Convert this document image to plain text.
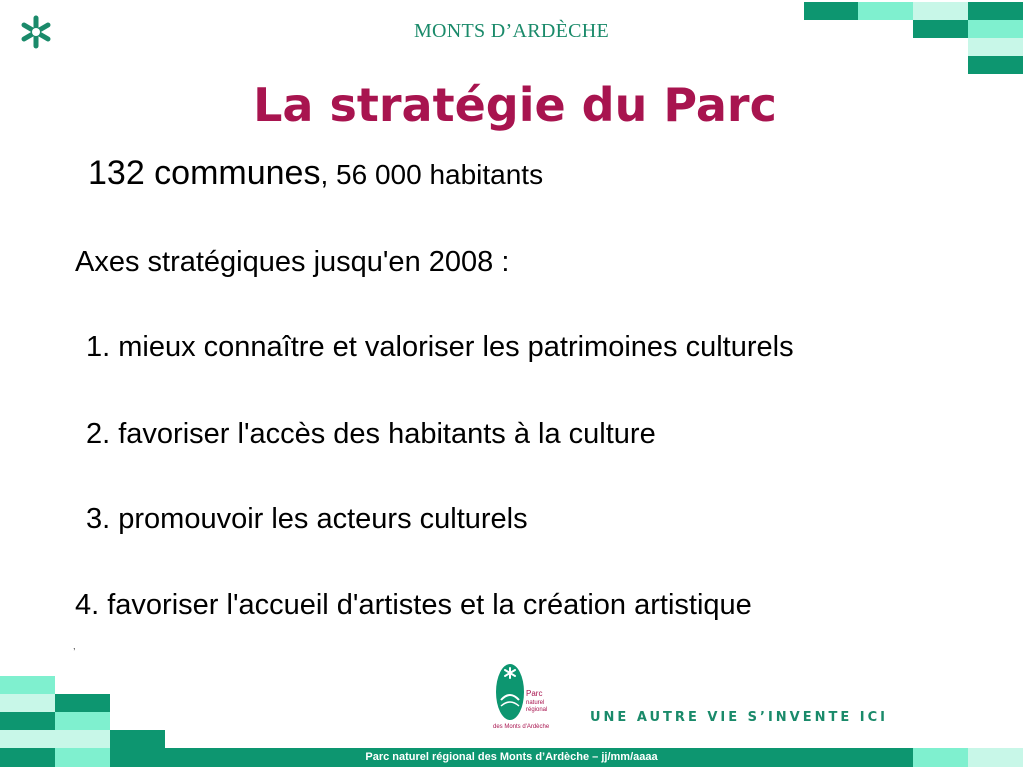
MONTS D’ARDÈCHE
La stratégie du Parc
132 communes, 56 000 habitants
Axes stratégiques jusqu'en 2008 :
1. mieux connaître et valoriser les patrimoines culturels
2. favoriser l'accès des habitants à la culture
3. promouvoir les acteurs culturels
4. favoriser l'accueil d'artistes et la création artistique
,
Parc
naturel
régional
des Monts d'Ardèche
UNE AUTRE VIE S’INVENTE ICI
Parc naturel régional des Monts d’Ardèche – jj/mm/aaaa
